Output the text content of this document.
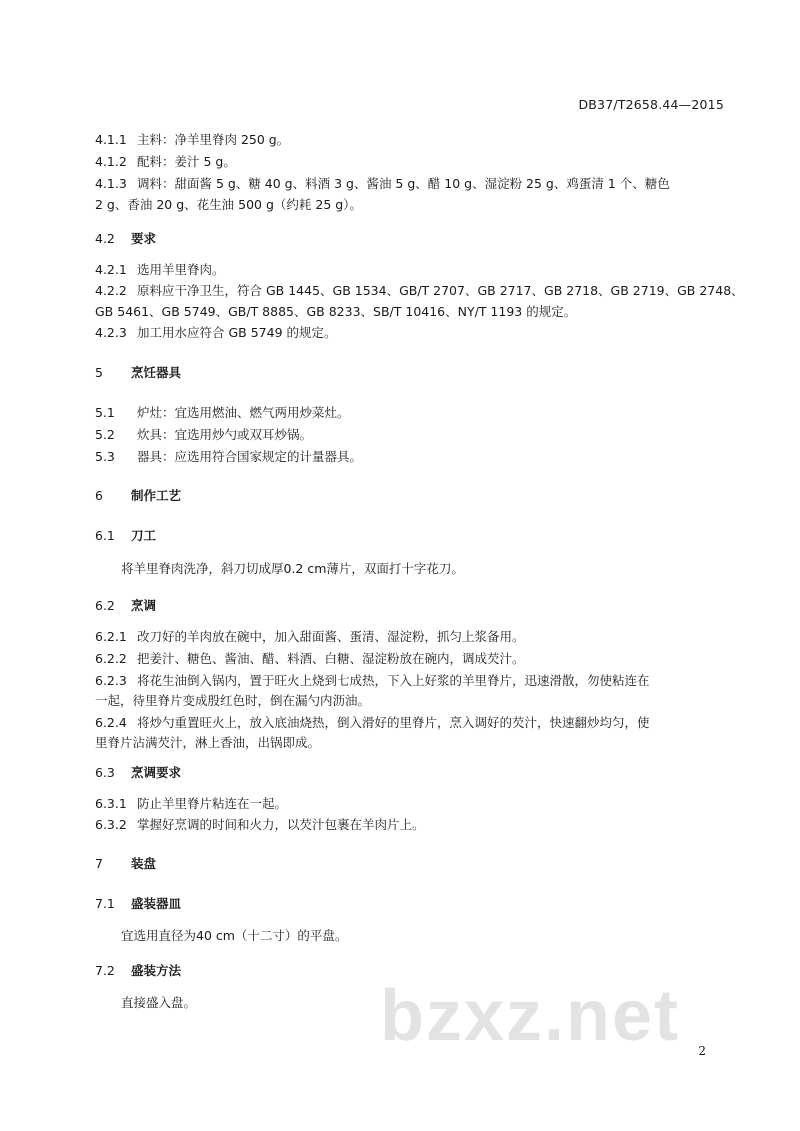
DB37/T2658.44—2015
4.1.1 主料：净羊里脊肉 250 g。
4.1.2 配料：姜汁 5 g。
4.1.3 调料：甜面酱 5 g、糖 40 g、料酒 3 g、酱油 5 g、醋 10 g、湿淀粉 25 g、鸡蛋清 1 个、糖色
2 g、香油 20 g、花生油 500 g（约耗 25 g）。
4.2 要求
4.2.1 选用羊里脊肉。
4.2.2 原料应干净卫生，符合 GB 1445、GB 1534、GB/T 2707、GB 2717、GB 2718、GB 2719、GB 2748、
GB 5461、GB 5749、GB/T 8885、GB 8233、SB/T 10416、NY/T 1193 的规定。
4.2.3 加工用水应符合 GB 5749 的规定。
5 烹饪器具
5.1 炉灶：宜选用燃油、燃气两用炒菜灶。
5.2 炊具：宜选用炒勺或双耳炒锅。
5.3 器具：应选用符合国家规定的计量器具。
6 制作工艺
6.1 刀工
将羊里脊肉洗净，斜刀切成厚0.2 cm薄片，双面打十字花刀。
6.2 烹调
6.2.1 改刀好的羊肉放在碗中，加入甜面酱、蛋清、湿淀粉，抓匀上浆备用。
6.2.2 把姜汁、糖色、酱油、醋、料酒、白糖、湿淀粉放在碗内，调成芡汁。
6.2.3 将花生油倒入锅内，置于旺火上烧到七成热，下入上好浆的羊里脊片，迅速滑散，勿使粘连在
一起，待里脊片变成殷红色时，倒在漏勺内沥油。
6.2.4 将炒勺重置旺火上，放入底油烧热，倒入滑好的里脊片，烹入调好的芡汁，快速翻炒均匀，使
里脊片沾满芡汁，淋上香油，出锅即成。
6.3 烹调要求
6.3.1 防止羊里脊片粘连在一起。
6.3.2 掌握好烹调的时间和火力，以芡汁包裹在羊肉片上。
7 装盘
7.1 盛装器皿
宜选用直径为40 cm（十二寸）的平盘。
7.2 盛装方法
直接盛入盘。	bzxz.net 2
